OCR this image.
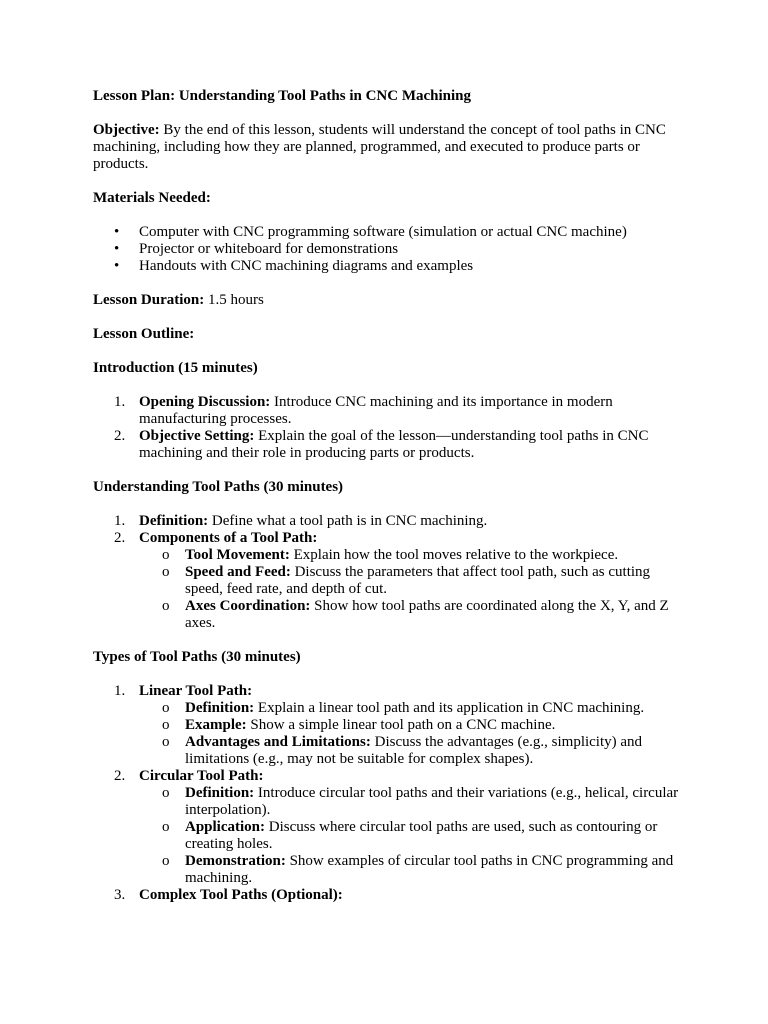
Lesson Plan: Understanding Tool Paths in CNC Machining

Objective: By the end of this lesson, students will understand the concept of tool paths in CNC machining, including how they are planned, programmed, and executed to produce parts or products.

Materials Needed:

• Computer with CNC programming software (simulation or actual CNC machine)
• Projector or whiteboard for demonstrations
• Handouts with CNC machining diagrams and examples

Lesson Duration: 1.5 hours

Lesson Outline:

Introduction (15 minutes)

1. Opening Discussion: Introduce CNC machining and its importance in modern manufacturing processes.
2. Objective Setting: Explain the goal of the lesson—understanding tool paths in CNC machining and their role in producing parts or products.

Understanding Tool Paths (30 minutes)

1. Definition: Define what a tool path is in CNC machining.
2. Components of a Tool Path:
o Tool Movement: Explain how the tool moves relative to the workpiece.
o Speed and Feed: Discuss the parameters that affect tool path, such as cutting speed, feed rate, and depth of cut.
o Axes Coordination: Show how tool paths are coordinated along the X, Y, and Z axes.

Types of Tool Paths (30 minutes)

1. Linear Tool Path:
o Definition: Explain a linear tool path and its application in CNC machining.
o Example: Show a simple linear tool path on a CNC machine.
o Advantages and Limitations: Discuss the advantages (e.g., simplicity) and limitations (e.g., may not be suitable for complex shapes).
2. Circular Tool Path:
o Definition: Introduce circular tool paths and their variations (e.g., helical, circular interpolation).
o Application: Discuss where circular tool paths are used, such as contouring or creating holes.
o Demonstration: Show examples of circular tool paths in CNC programming and machining.
3. Complex Tool Paths (Optional):
